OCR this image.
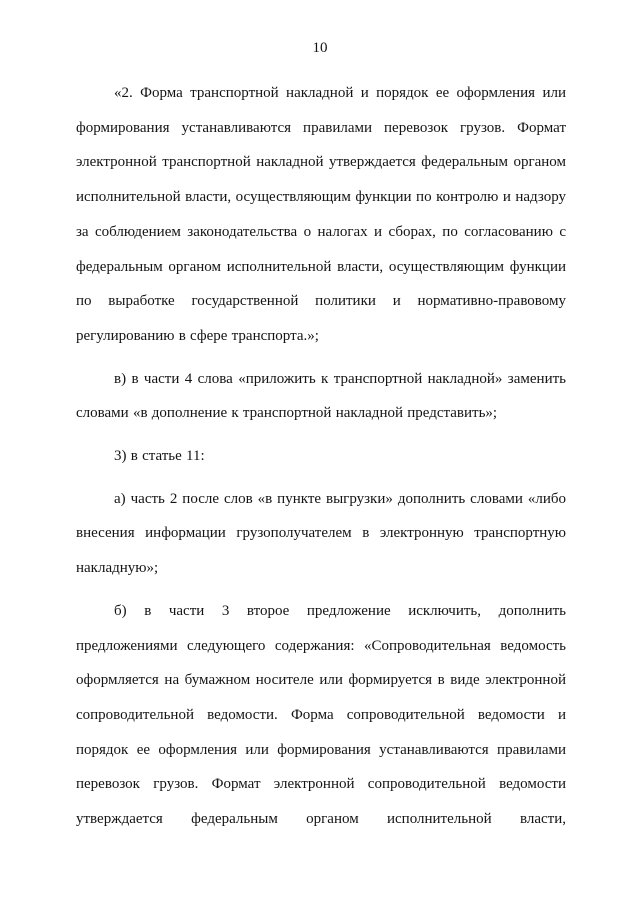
10

«2. Форма транспортной накладной и порядок ее оформления или формирования устанавливаются правилами перевозок грузов. Формат электронной транспортной накладной утверждается федеральным органом исполнительной власти, осуществляющим функции по контролю и надзору за соблюдением законодательства о налогах и сборах, по согласованию с федеральным органом исполнительной власти, осуществляющим функции по выработке государственной политики и нормативно-правовому регулированию в сфере транспорта.»;

в) в части 4 слова «приложить к транспортной накладной» заменить словами «в дополнение к транспортной накладной представить»;

3) в статье 11:

а) часть 2 после слов «в пункте выгрузки» дополнить словами «либо внесения информации грузополучателем в электронную транспортную накладную»;

б) в части 3 второе предложение исключить, дополнить предложениями следующего содержания: «Сопроводительная ведомость оформляется на бумажном носителе или формируется в виде электронной сопроводительной ведомости. Форма сопроводительной ведомости и порядок ее оформления или формирования устанавливаются правилами перевозок грузов. Формат электронной сопроводительной ведомости утверждается федеральным органом исполнительной власти,
